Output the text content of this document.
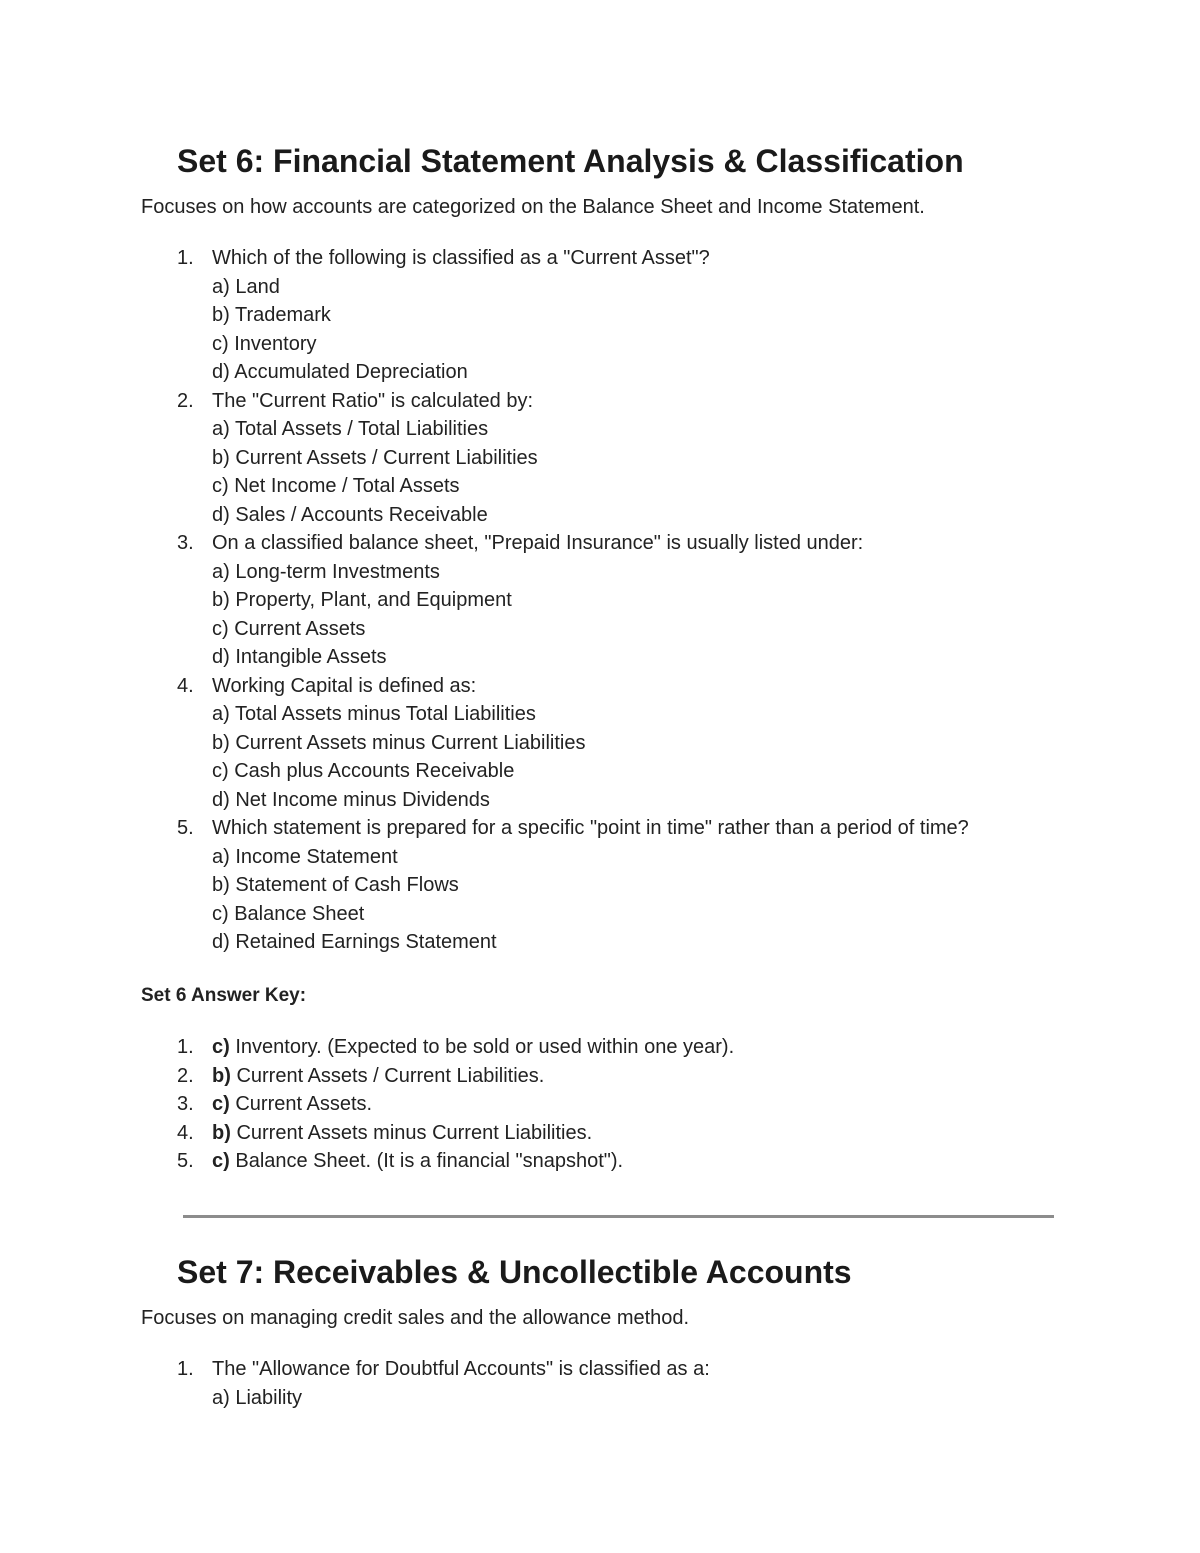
Set 6: Financial Statement Analysis & Classification

Focuses on how accounts are categorized on the Balance Sheet and Income Statement.

1. Which of the following is classified as a "Current Asset"?
a) Land
b) Trademark
c) Inventory
d) Accumulated Depreciation
2. The "Current Ratio" is calculated by:
a) Total Assets / Total Liabilities
b) Current Assets / Current Liabilities
c) Net Income / Total Assets
d) Sales / Accounts Receivable
3. On a classified balance sheet, "Prepaid Insurance" is usually listed under:
a) Long-term Investments
b) Property, Plant, and Equipment
c) Current Assets
d) Intangible Assets
4. Working Capital is defined as:
a) Total Assets minus Total Liabilities
b) Current Assets minus Current Liabilities
c) Cash plus Accounts Receivable
d) Net Income minus Dividends
5. Which statement is prepared for a specific "point in time" rather than a period of time?
a) Income Statement
b) Statement of Cash Flows
c) Balance Sheet
d) Retained Earnings Statement
Set 6 Answer Key:
1. c) Inventory. (Expected to be sold or used within one year).
2. b) Current Assets / Current Liabilities.
3. c) Current Assets.
4. b) Current Assets minus Current Liabilities.
5. c) Balance Sheet. (It is a financial "snapshot").
Set 7: Receivables & Uncollectible Accounts

Focuses on managing credit sales and the allowance method.

1. The "Allowance for Doubtful Accounts" is classified as a:
a) Liability
